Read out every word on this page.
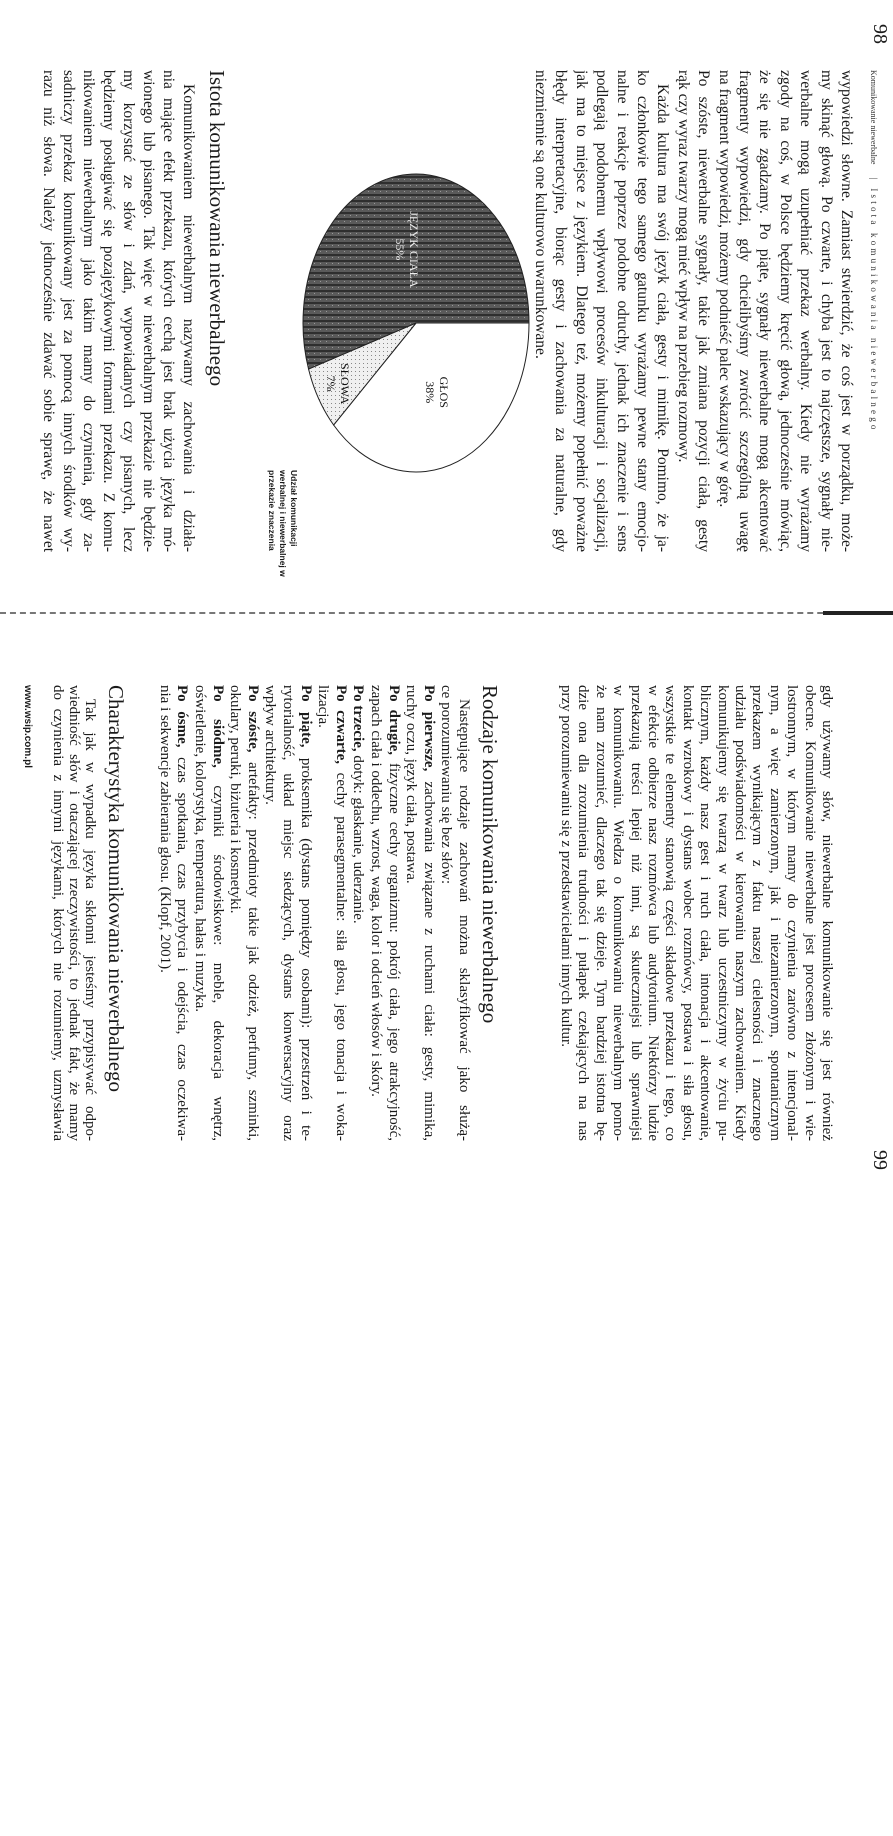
98
Komunikowanie niewerbalne | Istota komunikowania niewerbalnego
wypowiedzi słowne. Zamiast stwierdzić, że coś jest w porządku, może-
my skinąć głową. Po czwarte, i chyba jest to najczęstsze, sygnały nie-
werbalne mogą uzupełniać przekaz werbalny. Kiedy nie wyrażamy
zgody na coś, w Polsce będziemy kręcić głową, jednocześnie mówiąc,
że się nie zgadzamy. Po piąte, sygnały niewerbalne mogą akcentować
fragmenty wypowiedzi, gdy chcielibyśmy zwrócić szczególną uwagę
na fragment wypowiedzi, możemy podnieść palec wskazujący w górę.
Po szóste, niewerbalne sygnały, takie jak zmiana pozycji ciała, gesty
rąk czy wyraz twarzy mogą mieć wpływ na przebieg rozmowy.
Każda kultura ma swój język ciała, gesty i mimikę. Pomimo, że ja-
ko członkowie tego samego gatunku wyrażamy pewne stany emocjo-
nalne i reakcje poprzez podobne odruchy, jednak ich znaczenie i sens
podlegają podobnemu wpływowi procesów inkulturacji i socjalizacji,
jak ma to miejsce z językiem. Dlatego też, możemy popełnić poważne
błędy interpretacyjne, biorąc gesty i zachowania za naturalne, gdy
niezmiennie są one kulturowo uwarunkowane.
GŁOS
38%
SŁOWA
7%
JĘZYK CIAŁA
55%
Udział komunikacji werbalnej i niewerbalnej w przekazie znaczenia
Istota komunikowania niewerbalnego
Komunikowaniem niewerbalnym nazywamy zachowania i działa-
nia mające efekt przekazu, których cechą jest brak użycia języka mó-
wionego lub pisanego. Tak więc w niewerbalnym przekazie nie będzie-
my korzystać ze słów i zdań, wypowiadanych czy pisanych, lecz
będziemy posługiwać się pozajęzykowymi formami przekazu. Z komu-
nikowaniem niewerbalnym jako takim mamy do czynienia, gdy za-
sadniczy przekaz komunikowany jest za pomocą innych środków wy-
razu niż słowa. Należy jednocześnie zdawać sobie sprawę, że nawet
99
gdy używamy słów, niewerbalne komunikowanie się jest również
obecne. Komunikowanie niewerbalne jest procesem złożonym i wie-
lostronnym, w którym mamy do czynienia zarówno z intencjonal-
nym, a więc zamierzonym, jak i niezamierzonym, spontanicznym
przekazem wynikającym z faktu naszej cielesności i znacznego
udziału podświadomości w kierowaniu naszym zachowaniem. Kiedy
komunikujemy się twarzą w twarz lub uczestniczymy w życiu pu-
blicznym, każdy nasz gest i ruch ciała, intonacja i akcentowanie,
kontakt wzrokowy i dystans wobec rozmówcy, postawa i siła głosu,
wszystkie te elementy stanowią części składowe przekazu i tego, co
w efekcie odbierze nasz rozmówca lub audytorium. Niektórzy ludzie
przekazują treści lepiej niż inni, są skuteczniejsi lub sprawniejsi
w komunikowaniu. Wiedza o komunikowaniu niewerbalnym pomo-
że nam zrozumieć, dlaczego tak się dzieje. Tym bardziej istotna bę-
dzie ona dla zrozumienia trudności i pułapek czekających na nas
przy porozumiewaniu się z przedstawicielami innych kultur.
Rodzaje komunikowania niewerbalnego
Następujące rodzaje zachowań można sklasyfikować jako służą-
ce porozumiewaniu się bez słów:
Po pierwsze, zachowania związane z ruchami ciała: gesty, mimika,
ruchy oczu, język ciała, postawa.
Po drugie, fizyczne cechy organizmu: pokrój ciała, jego atrakcyjność,
zapach ciała i oddechu, wzrost, waga, kolor i odcień włosów i skóry.
Po trzecie, dotyk: głaskanie, uderzanie.
Po czwarte, cechy parasegmentalne: siła głosu, jego tonacja i woka-
lizacja.
Po piąte, proksemika (dystans pomiędzy osobami): przestrzeń i te-
rytorialność, układ miejsc siedzących, dystans konwersacyjny oraz
wpływ architektury.
Po szóste, artefakty: przedmioty takie jak odzież, perfumy, szminki,
okulary, peruki, biżuteria i kosmetyki.
Po siódme, czynniki środowiskowe: meble, dekoracja wnętrz,
oświetlenie, kolorystyka, temperatura, hałas i muzyka.
Po ósme, czas spotkania, czas przybycia i odejścia, czas oczekiwa-
nia i sekwencje zabierania głosu. (Klopf, 2001).
Charakterystyka komunikowania niewerbalnego
Tak jak w wypadku języka skłonni jesteśmy przypisywać odpo-
wiedniość słów i otaczającej rzeczywistości, to jednak fakt, że mamy
do czynienia z innymi językami, których nie rozumiemy, uzmysławia
www.wsip.com.pl
